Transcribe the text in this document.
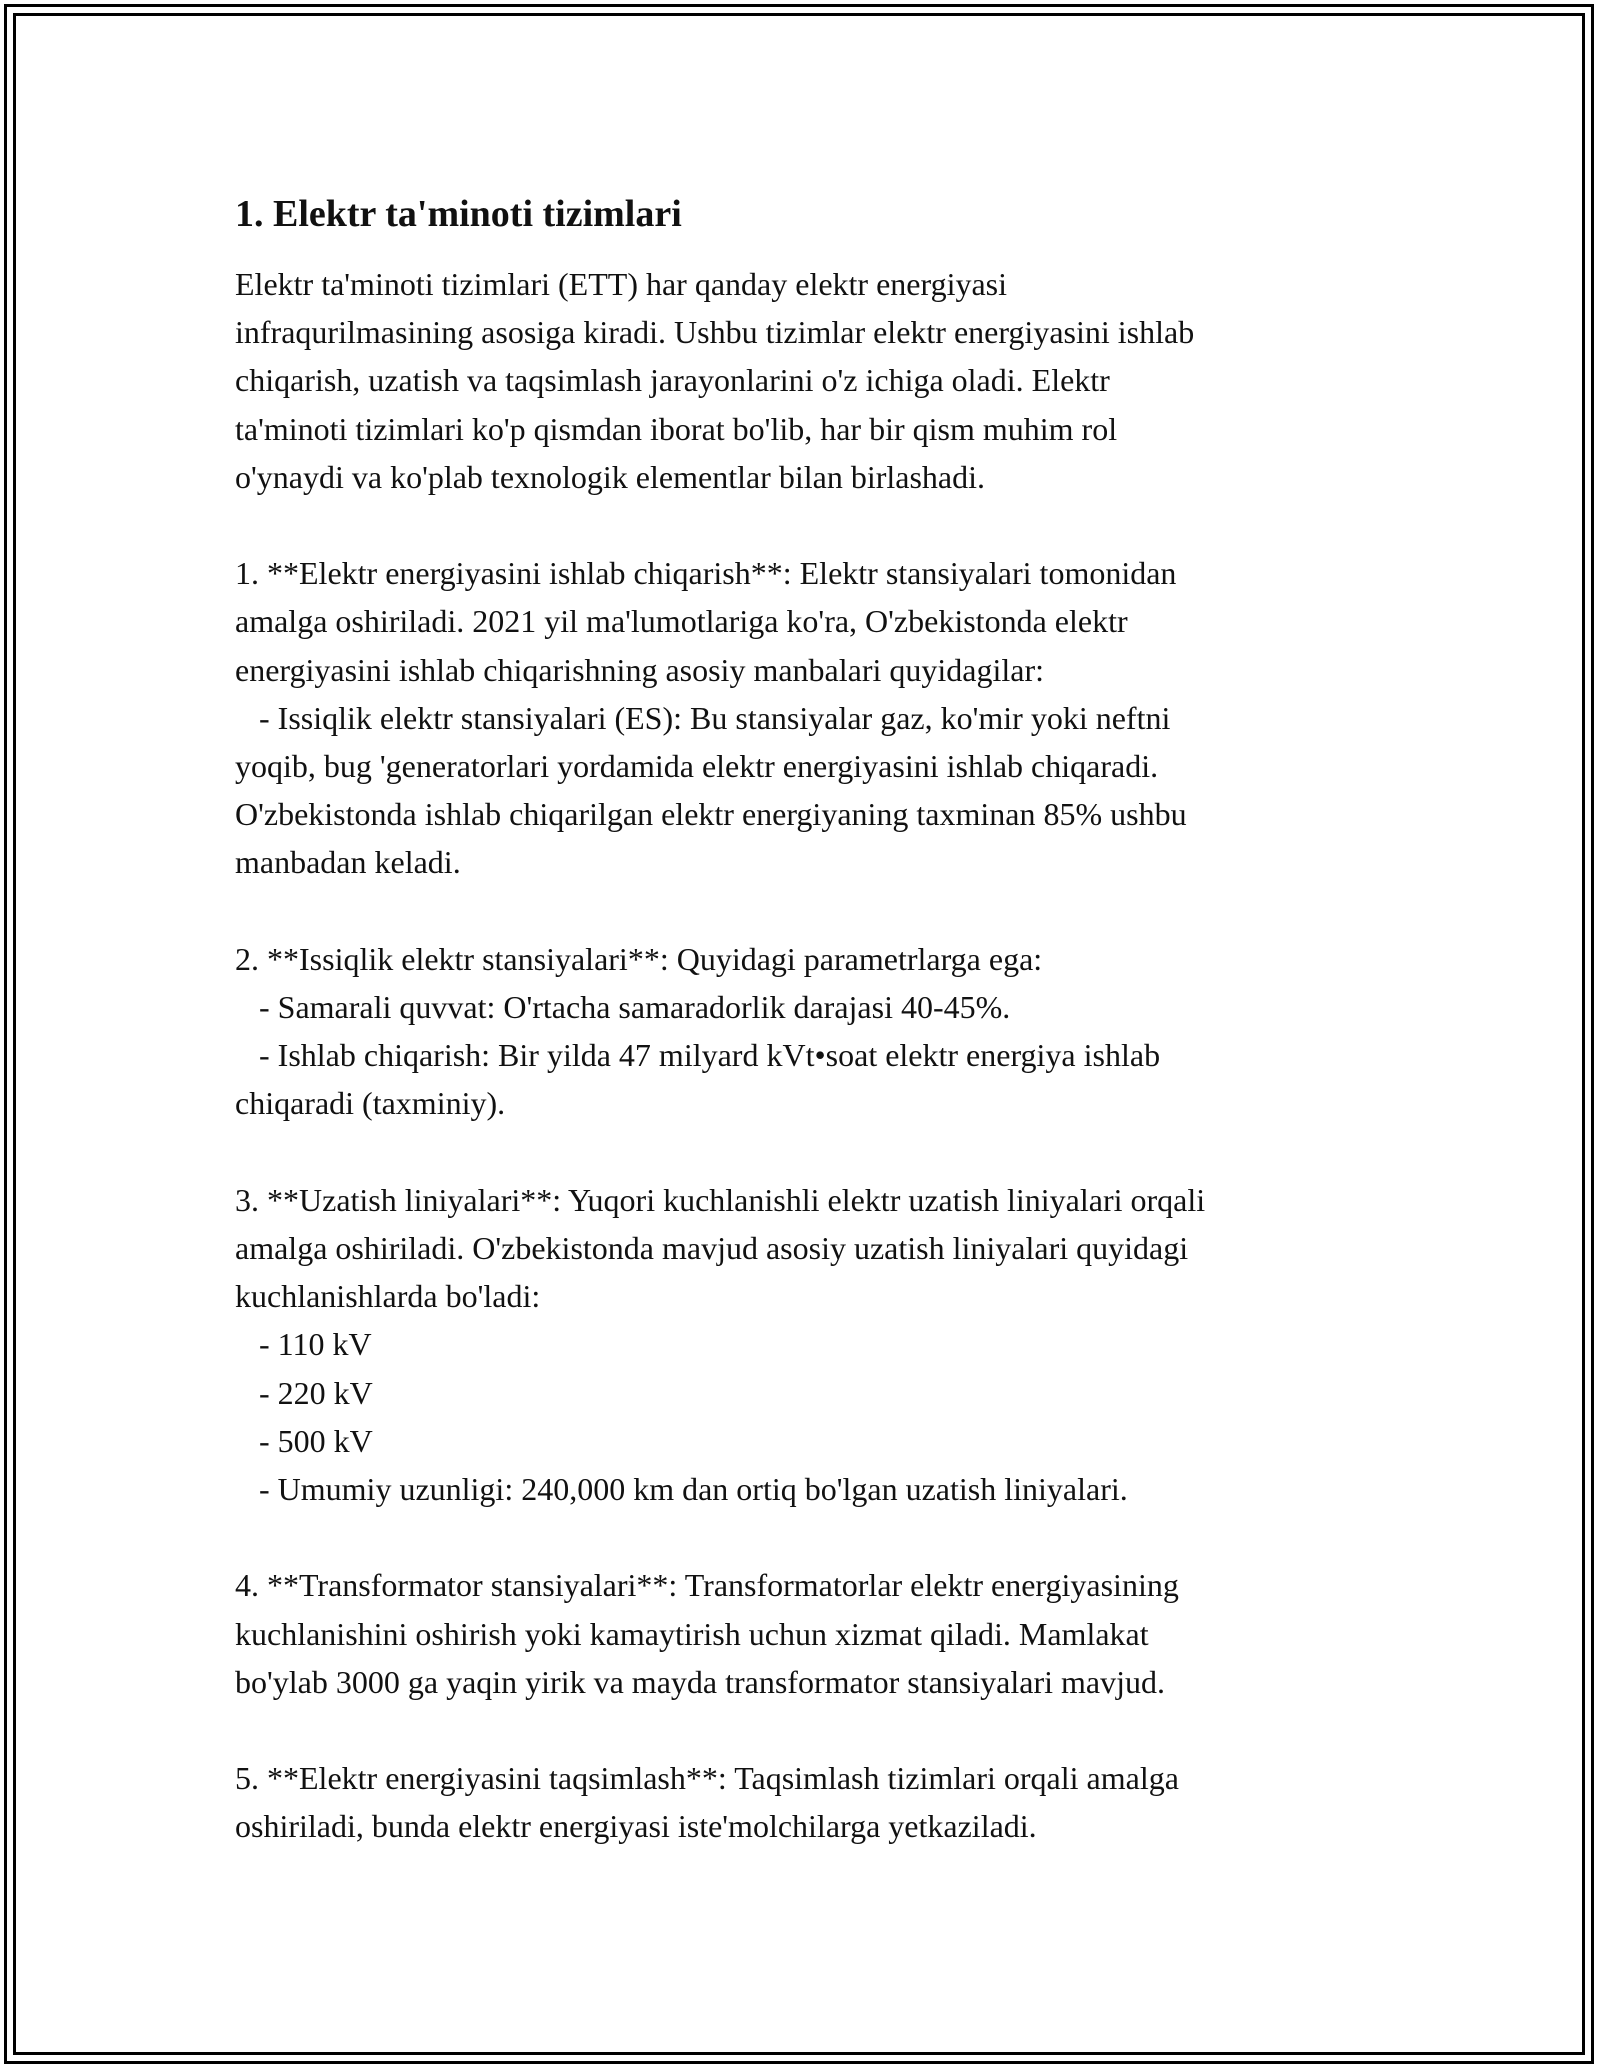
1. Elektr ta'minoti tizimlari

Elektr ta'minoti tizimlari (ETT) har qanday elektr energiyasi
infraqurilmasining asosiga kiradi. Ushbu tizimlar elektr energiyasini ishlab
chiqarish, uzatish va taqsimlash jarayonlarini o'z ichiga oladi. Elektr
ta'minoti tizimlari ko'p qismdan iborat bo'lib, har bir qism muhim rol
o'ynaydi va ko'plab texnologik elementlar bilan birlashadi.

1. **Elektr energiyasini ishlab chiqarish**: Elektr stansiyalari tomonidan
amalga oshiriladi. 2021 yil ma'lumotlariga ko'ra, O'zbekistonda elektr
energiyasini ishlab chiqarishning asosiy manbalari quyidagilar:
- Issiqlik elektr stansiyalari (ES): Bu stansiyalar gaz, ko'mir yoki neftni
yoqib, bug 'generatorlari yordamida elektr energiyasini ishlab chiqaradi.
O'zbekistonda ishlab chiqarilgan elektr energiyaning taxminan 85% ushbu
manbadan keladi.

2. **Issiqlik elektr stansiyalari**: Quyidagi parametrlarga ega:
- Samarali quvvat: O'rtacha samaradorlik darajasi 40-45%.
- Ishlab chiqarish: Bir yilda 47 milyard kVt•soat elektr energiya ishlab
chiqaradi (taxminiy).

3. **Uzatish liniyalari**: Yuqori kuchlanishli elektr uzatish liniyalari orqali
amalga oshiriladi. O'zbekistonda mavjud asosiy uzatish liniyalari quyidagi
kuchlanishlarda bo'ladi:
- 110 kV
- 220 kV
- 500 kV
- Umumiy uzunligi: 240,000 km dan ortiq bo'lgan uzatish liniyalari.

4. **Transformator stansiyalari**: Transformatorlar elektr energiyasining
kuchlanishini oshirish yoki kamaytirish uchun xizmat qiladi. Mamlakat
bo'ylab 3000 ga yaqin yirik va mayda transformator stansiyalari mavjud.

5. **Elektr energiyasini taqsimlash**: Taqsimlash tizimlari orqali amalga
oshiriladi, bunda elektr energiyasi iste'molchilarga yetkaziladi.
